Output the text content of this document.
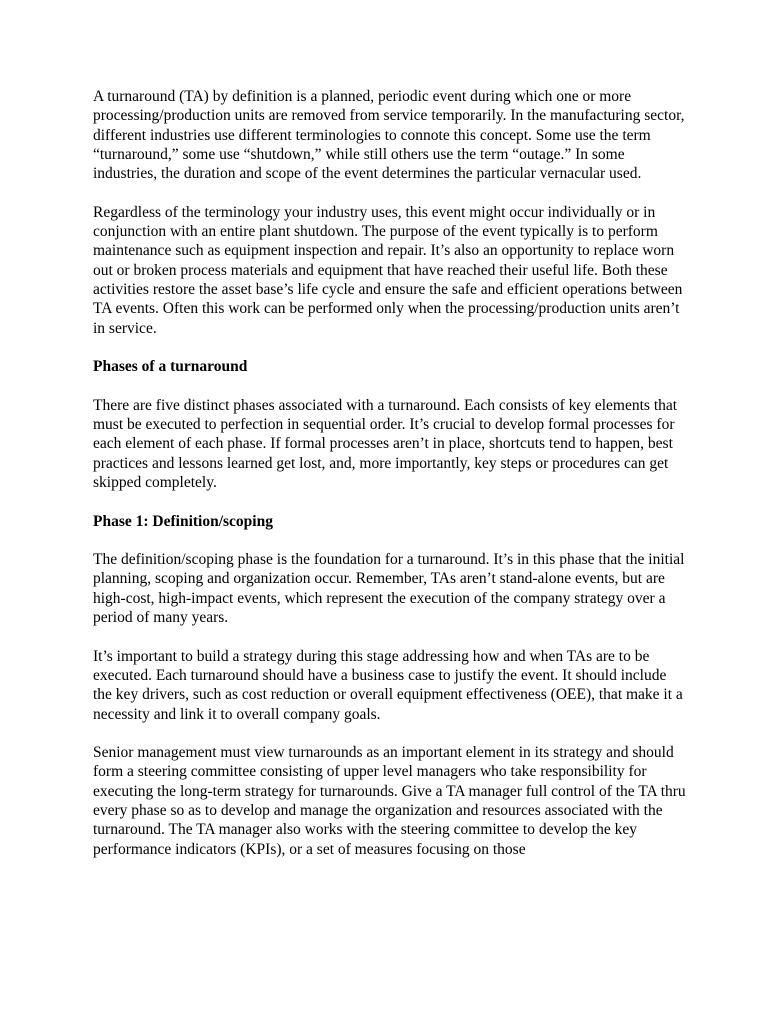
A turnaround (TA) by definition is a planned, periodic event during which one or more processing/production units are removed from service temporarily. In the manufacturing sector, different industries use different terminologies to connote this concept. Some use the term “turnaround,” some use “shutdown,” while still others use the term “outage.” In some industries, the duration and scope of the event determines the particular vernacular used.

Regardless of the terminology your industry uses, this event might occur individually or in conjunction with an entire plant shutdown. The purpose of the event typically is to perform maintenance such as equipment inspection and repair. It’s also an opportunity to replace worn out or broken process materials and equipment that have reached their useful life. Both these activities restore the asset base’s life cycle and ensure the safe and efficient operations between TA events. Often this work can be performed only when the processing/production units aren’t in service.

Phases of a turnaround

There are five distinct phases associated with a turnaround. Each consists of key elements that must be executed to perfection in sequential order. It’s crucial to develop formal processes for each element of each phase. If formal processes aren’t in place, shortcuts tend to happen, best practices and lessons learned get lost, and, more importantly, key steps or procedures can get skipped completely.

Phase 1: Definition/scoping

The definition/scoping phase is the foundation for a turnaround. It’s in this phase that the initial planning, scoping and organization occur. Remember, TAs aren’t stand-alone events, but are high-cost, high-impact events, which represent the execution of the company strategy over a period of many years.

It’s important to build a strategy during this stage addressing how and when TAs are to be executed. Each turnaround should have a business case to justify the event. It should include the key drivers, such as cost reduction or overall equipment effectiveness (OEE), that make it a necessity and link it to overall company goals.

Senior management must view turnarounds as an important element in its strategy and should form a steering committee consisting of upper level managers who take responsibility for executing the long-term strategy for turnarounds. Give a TA manager full control of the TA thru every phase so as to develop and manage the organization and resources associated with the turnaround. The TA manager also works with the steering committee to develop the key performance indicators (KPIs), or a set of measures focusing on those
